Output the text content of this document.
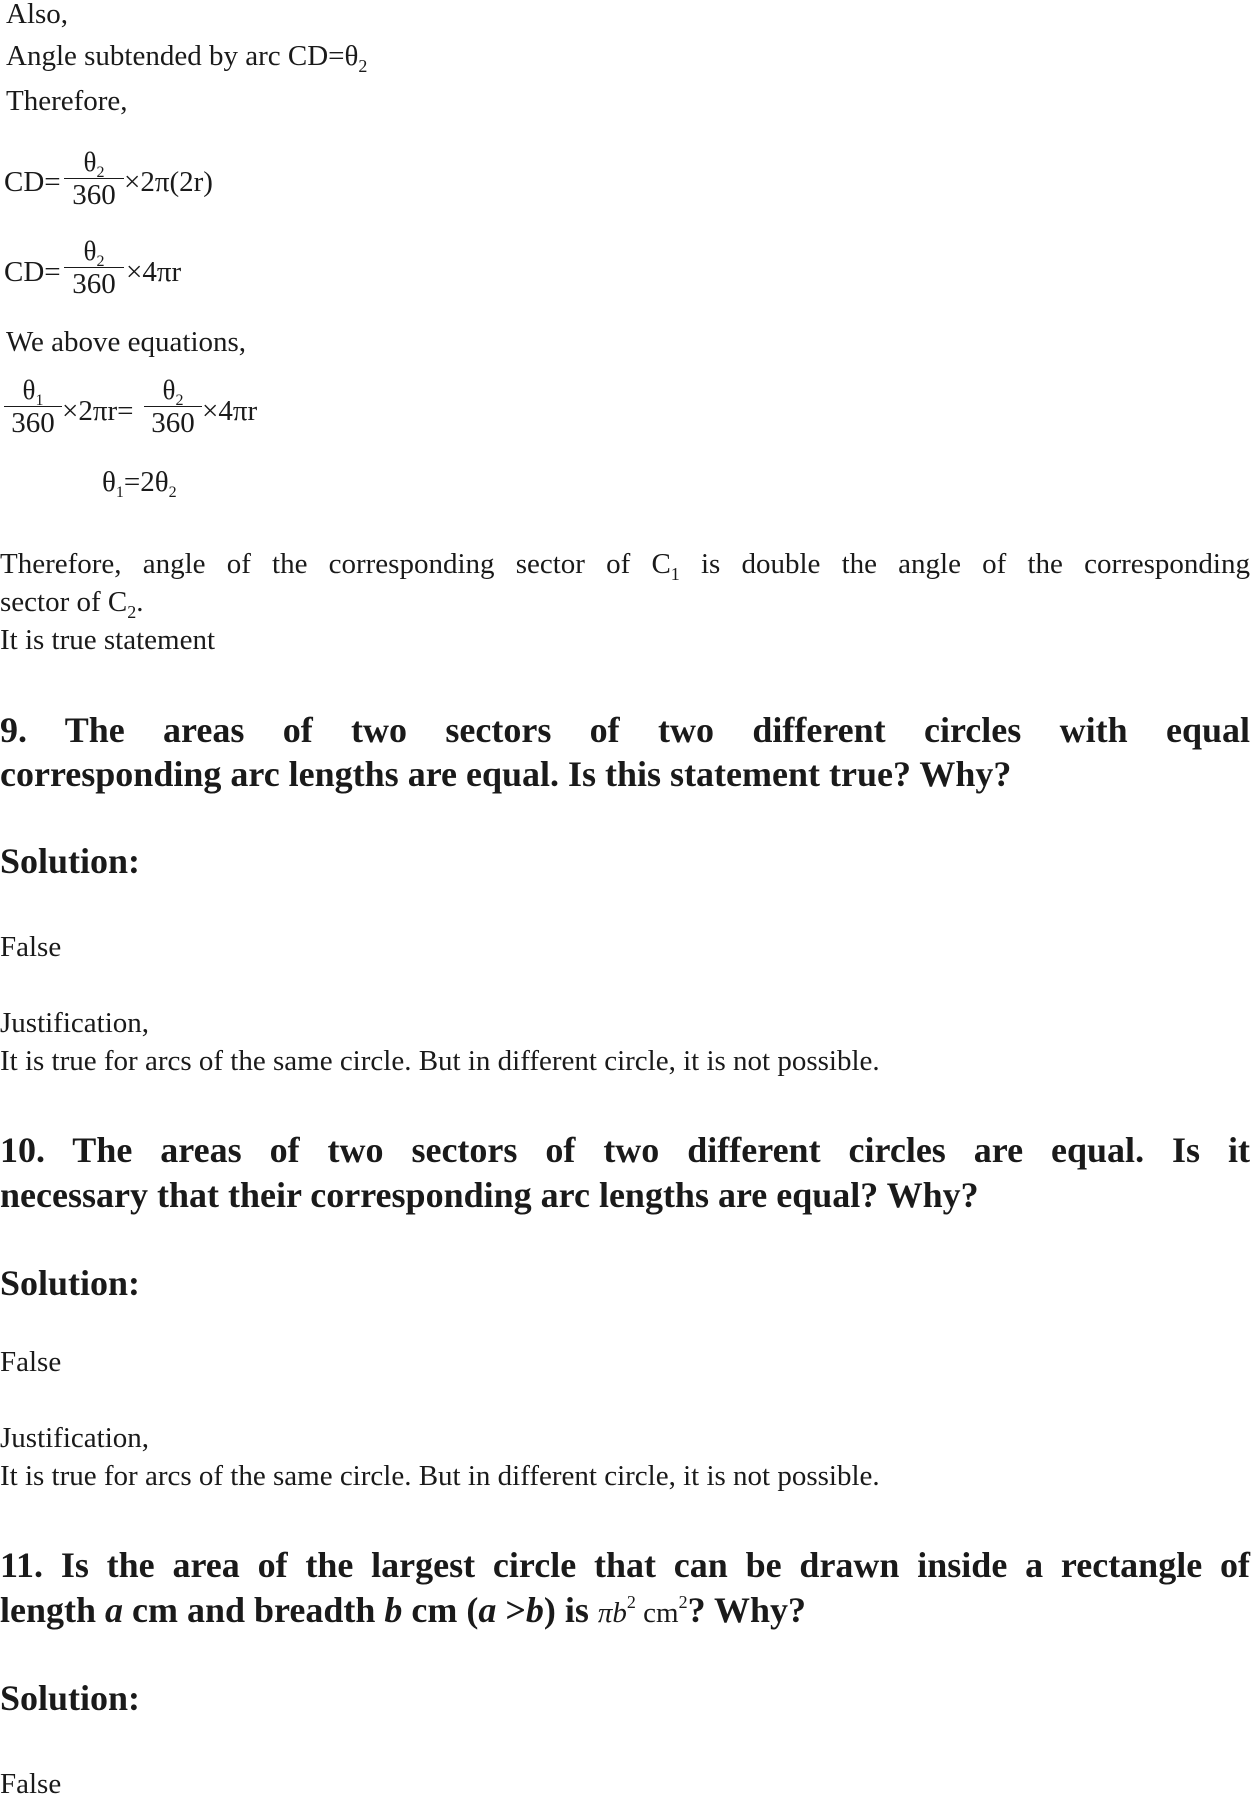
Also,
Angle subtended by arc $CD=\theta_2$
Therefore,
CD=
$\theta_2$
360 ×2π(2r)
CD=
$\theta_2$
360 ×4πr
We above equations,
$\theta_1$
360 ×2πr=
$\theta_2$
360 ×4πr
$\theta_1=2\theta_2$
Therefore, angle of the corresponding sector of $C_1$ is double the angle of the corresponding
sector of $C_2$.
It is true statement
9. The areas of two sectors of two different circles with equal
corresponding arc lengths are equal. Is this statement true? Why?
Solution:
False
Justification,
It is true for arcs of the same circle. But in different circle, it is not possible.
10. The areas of two sectors of two different circles are equal. Is it
necessary that their corresponding arc lengths are equal? Why?
Solution:
False
Justification,
It is true for arcs of the same circle. But in different circle, it is not possible.
11. Is the area of the largest circle that can be drawn inside a rectangle of
length a cm and breadth b cm (a >b) is $\pi b^2$ $cm^2$? Why?
Solution:
False
